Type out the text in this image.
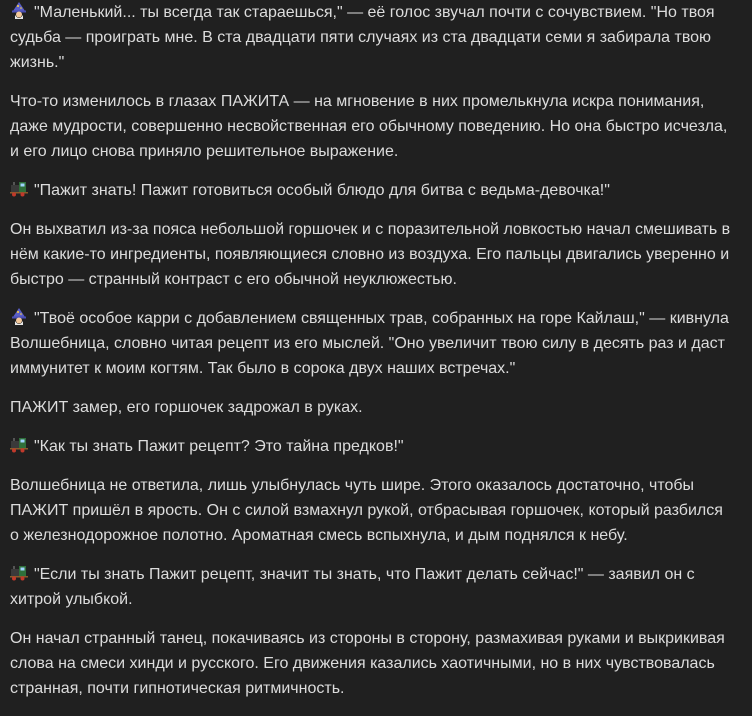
"Маленький... ты всегда так стараешься," — её голос звучал почти с сочувствием. "Но твоя судьба — проиграть мне. В ста двадцати пяти случаях из ста двадцати семи я забирала твою жизнь."

Что-то изменилось в глазах ПАЖИТА — на мгновение в них промелькнула искра понимания, даже мудрости, совершенно несвойственная его обычному поведению. Но она быстро исчезла, и его лицо снова приняло решительное выражение.

"Пажит знать! Пажит готовиться особый блюдо для битва с ведьма-девочка!"

Он выхватил из-за пояса небольшой горшочек и с поразительной ловкостью начал смешивать в нём какие-то ингредиенты, появляющиеся словно из воздуха. Его пальцы двигались уверенно и быстро — странный контраст с его обычной неуклюжестью.

"Твоё особое карри с добавлением священных трав, собранных на горе Кайлаш," — кивнула Волшебница, словно читая рецепт из его мыслей. "Оно увеличит твою силу в десять раз и даст иммунитет к моим когтям. Так было в сорока двух наших встречах."

ПАЖИТ замер, его горшочек задрожал в руках.

"Как ты знать Пажит рецепт? Это тайна предков!"

Волшебница не ответила, лишь улыбнулась чуть шире. Этого оказалось достаточно, чтобы ПАЖИТ пришёл в ярость. Он с силой взмахнул рукой, отбрасывая горшочек, который разбился о железнодорожное полотно. Ароматная смесь вспыхнула, и дым поднялся к небу.

"Если ты знать Пажит рецепт, значит ты знать, что Пажит делать сейчас!" — заявил он с хитрой улыбкой.

Он начал странный танец, покачиваясь из стороны в сторону, размахивая руками и выкрикивая слова на смеси хинди и русского. Его движения казались хаотичными, но в них чувствовалась странная, почти гипнотическая ритмичность.
